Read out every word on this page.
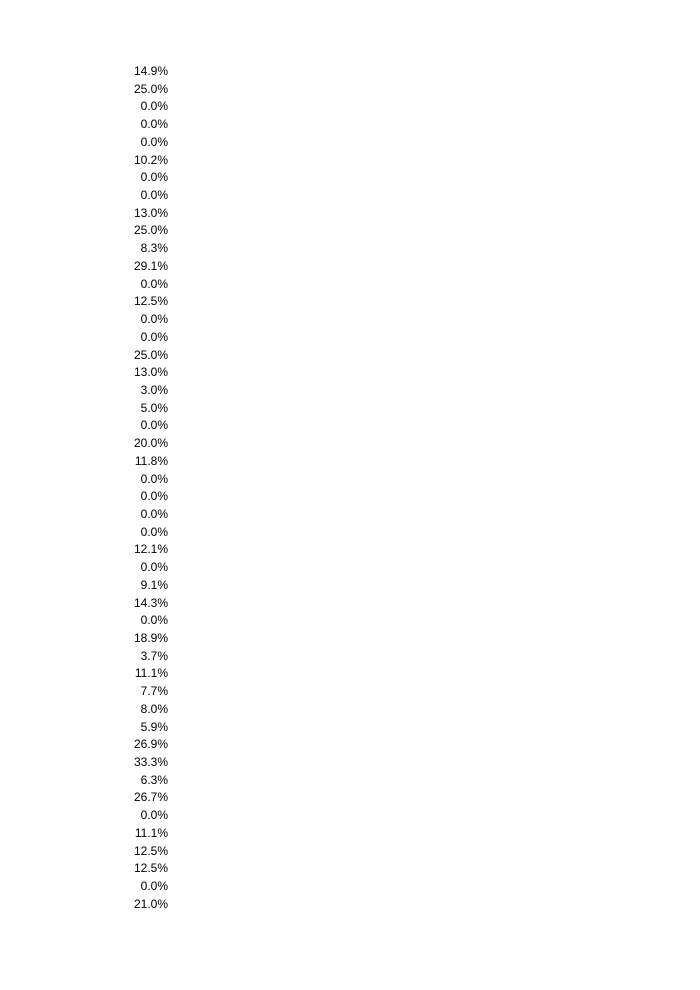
14.9%
25.0%
0.0%
0.0%
0.0%
10.2%
0.0%
0.0%
13.0%
25.0%
8.3%
29.1%
0.0%
12.5%
0.0%
0.0%
25.0%
13.0%
3.0%
5.0%
0.0%
20.0%
11.8%
0.0%
0.0%
0.0%
0.0%
12.1%
0.0%
9.1%
14.3%
0.0%
18.9%
3.7%
11.1%
7.7%
8.0%
5.9%
26.9%
33.3%
6.3%
26.7%
0.0%
11.1%
12.5%
12.5%
0.0%
21.0%
